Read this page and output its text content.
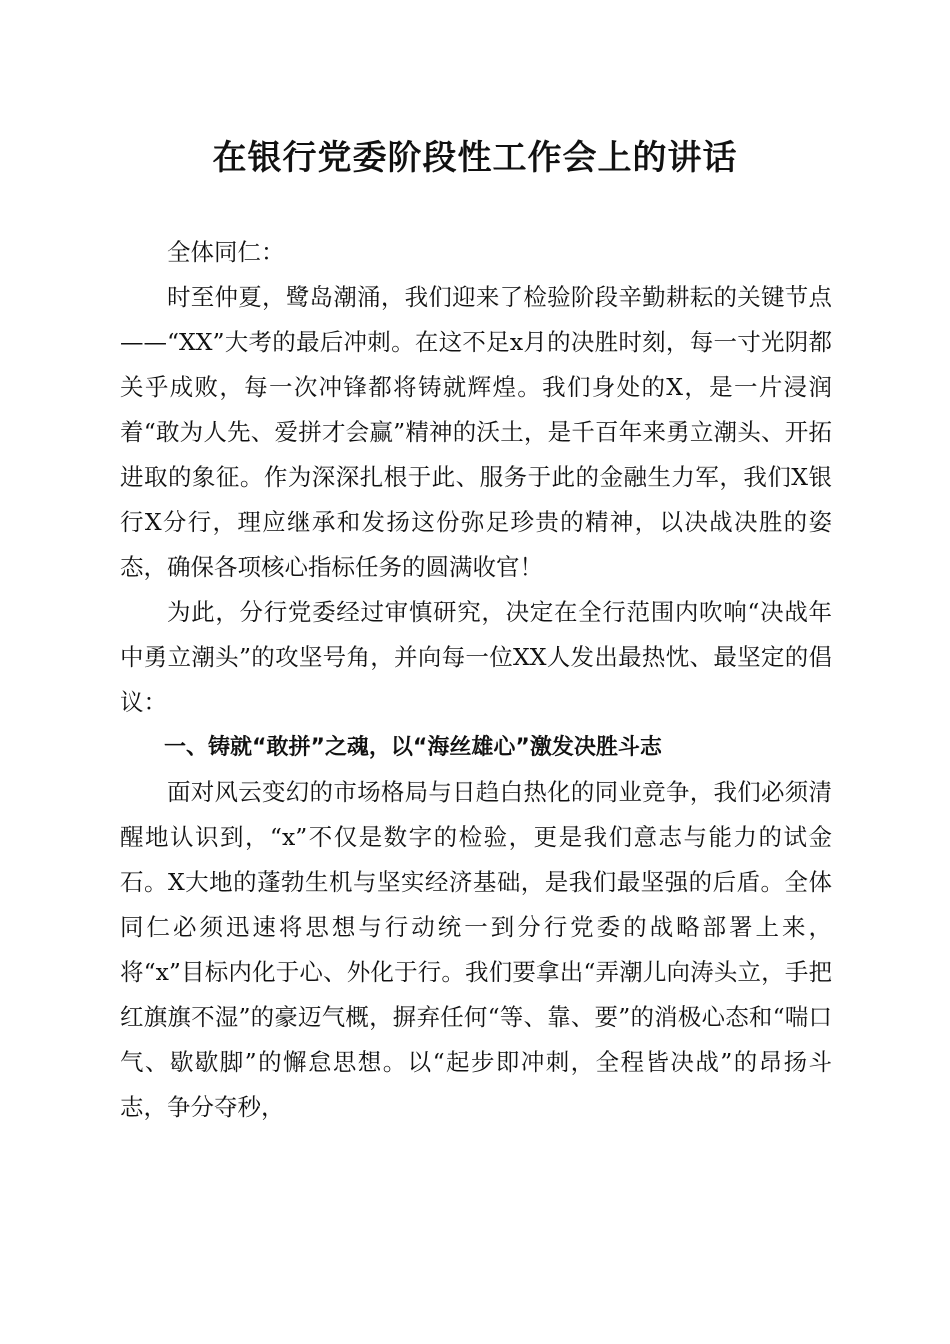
在银行党委阶段性工作会上的讲话

全体同仁：

时至仲夏，鹭岛潮涌，我们迎来了检验阶段辛勤耕耘的关键节点——“XX”大考的最后冲刺。在这不足x月的决胜时刻，每一寸光阴都关乎成败，每一次冲锋都将铸就辉煌。我们身处的X，是一片浸润着“敢为人先、爱拼才会赢”精神的沃土，是千百年来勇立潮头、开拓进取的象征。作为深深扎根于此、服务于此的金融生力军，我们X银行X分行，理应继承和发扬这份弥足珍贵的精神，以决战决胜的姿态，确保各项核心指标任务的圆满收官！

为此，分行党委经过审慎研究，决定在全行范围内吹响“决战年中勇立潮头”的攻坚号角，并向每一位XX人发出最热忱、最坚定的倡议：

一、铸就“敢拼”之魂，以“海丝雄心”激发决胜斗志

面对风云变幻的市场格局与日趋白热化的同业竞争，我们必须清醒地认识到，“x”不仅是数字的检验，更是我们意志与能力的试金石。X大地的蓬勃生机与坚实经济基础，是我们最坚强的后盾。全体同仁必须迅速将思想与行动统一到分行党委的战略部署上来，将“x”目标内化于心、外化于行。我们要拿出“弄潮儿向涛头立，手把红旗旗不湿”的豪迈气概，摒弃任何“等、靠、要”的消极心态和“喘口气、歇歇脚”的懈怠思想。以“起步即冲刺，全程皆决战”的昂扬斗志，争分夺秒，
